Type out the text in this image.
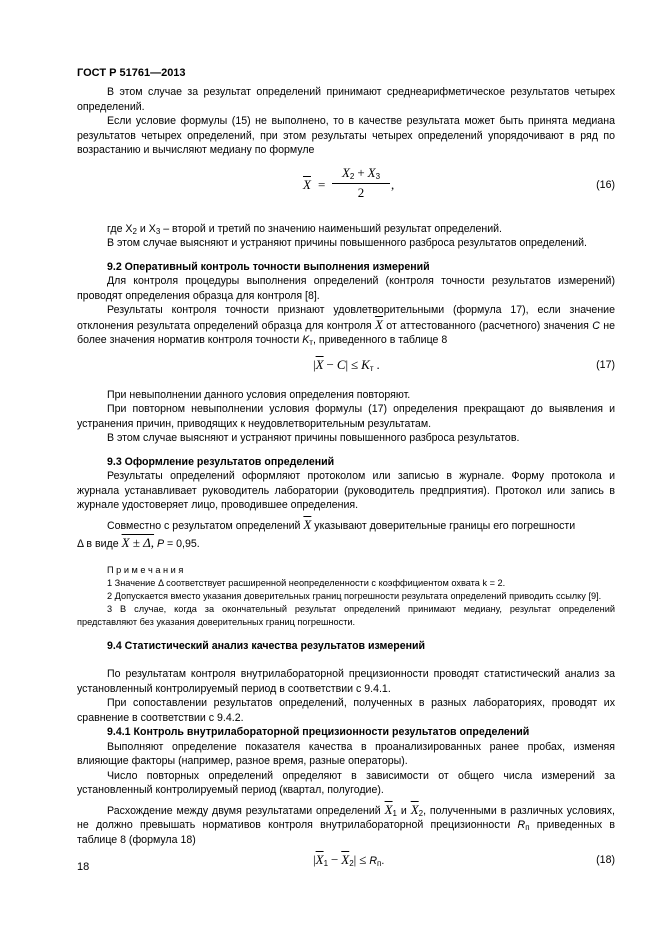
ГОСТ Р 51761—2013

В этом случае за результат определений принимают среднеарифметическое результатов четырех определений.

Если условие формулы (15) не выполнено, то в качестве результата может быть принята медиана результатов четырех определений, при этом результаты четырех определений упорядочивают в ряд по возрастанию и вычисляют медиану по формуле

$\overline{X}$ =
$X_2 + X_3$
2
,	(16)

где $X_2$ и $X_3$ – второй и третий по значению наименьший результат определений.

В этом случае выясняют и устраняют причины повышенного разброса результатов определений.

9.2 Оперативный контроль точности выполнения измерений

Для контроля процедуры выполнения определений (контроля точности результатов измерений) проводят определения образца для контроля [8].

Результаты контроля точности признают удовлетворительными (формула 17), если значение отклонения результата определений образца для контроля $\overline{X}$ от аттестованного (расчетного) значения C не более значения норматив контроля точности $K_т$, приведенного в таблице 8

$|\overline{X} - C| \le K_т$ .	(17)

При невыполнении данного условия определения повторяют.

При повторном невыполнении условия формулы (17) определения прекращают до выявления и устранения причин, приводящих к неудовлетворительным результатам.

В этом случае выясняют и устраняют причины повышенного разброса результатов.

9.3 Оформление результатов определений

Результаты определений оформляют протоколом или записью в журнале. Форму протокола и журнала устанавливает руководитель лаборатории (руководитель предприятия). Протокол или запись в журнале удостоверяет лицо, проводившее определения.

Совместно с результатом определений $\overline{X}$ указывают доверительные границы его погрешности

Δ в виде X ± Δ, P = 0,95.

П р и м е ч а н и я

1 Значение Δ соответствует расширенной неопределенности с коэффициентом охвата k = 2.

2 Допускается вместо указания доверительных границ погрешности результата определений приводить ссылку [9].

3 В случае, когда за окончательный результат определений принимают медиану, результат определений представляют без указания доверительных границ погрешности.

9.4 Статистический анализ качества результатов измерений

По результатам контроля внутрилабораторной прецизионности проводят статистический анализ за установленный контролируемый период в соответствии с 9.4.1.

При сопоставлении результатов определений, полученных в разных лабораториях, проводят их сравнение в соответствии с 9.4.2.

9.4.1 Контроль внутрилабораторной прецизионности результатов определений

Выполняют определение показателя качества в проанализированных ранее пробах, изменяя влияющие факторы (например, разное время, разные операторы).

Число повторных определений определяют в зависимости от общего числа измерений за установленный контролируемый период (квартал, полугодие).

Расхождение между двумя результатами определений $\overline{X}_1$ и $\overline{X}_2$, полученными в различных условиях, не должно превышать нормативов контроля внутрилабораторной прецизионности $R_п$ приведенных в таблице 8 (формула 18)

$|\overline{X}_1 - \overline{X}_2| \le R_п$.	(18)
18
